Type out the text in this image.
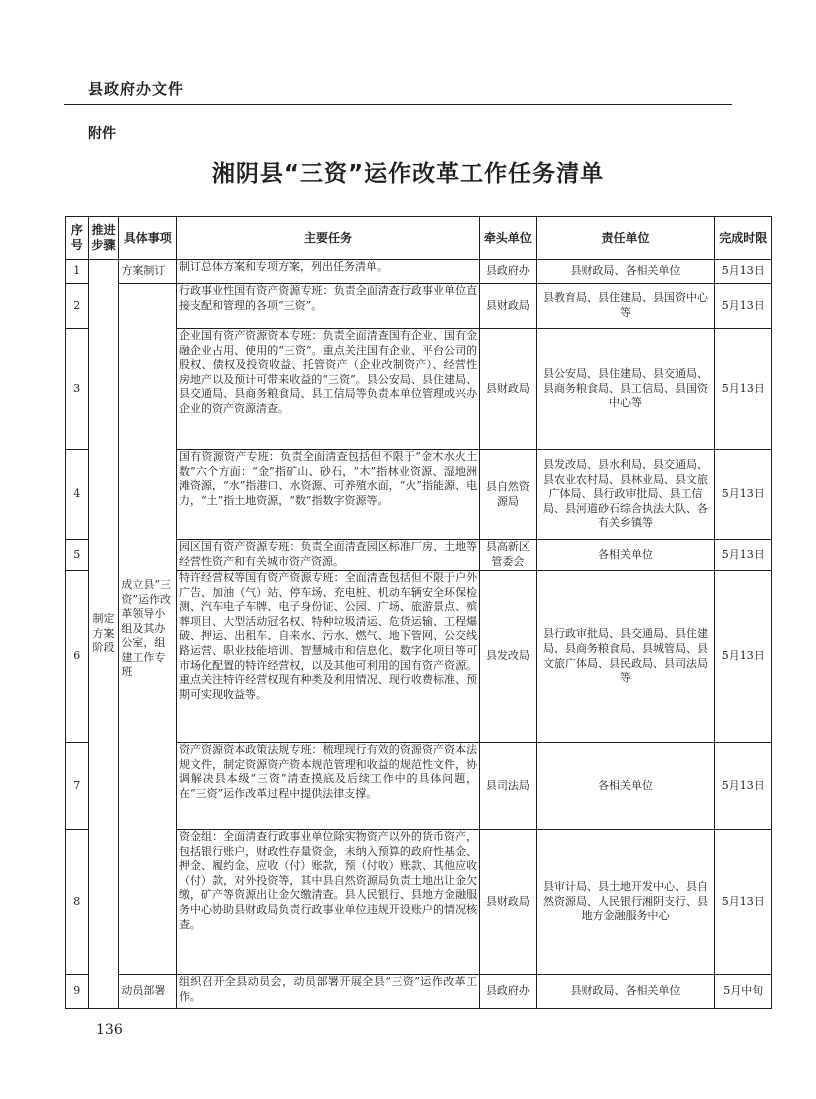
县政府办文件
附件
湘阴县“三资”运作改革工作任务清单
序号	推进步骤	具体事项	主要任务	牵头单位	责任单位	完成时限
1	制定方案阶段	方案制订	制订总体方案和专项方案，列出任务清单。	县政府办	县财政局、各相关单位	5月13日
2		成立县“三资”运作改革领导小组及其办公室，组建工作专班	行政事业性国有资产资源专班：负责全面清查行政事业单位直接支配和管理的各项“三资”。	县财政局	县教育局、县住建局、县国资中心等	5月13日
3			企业国有资产资源资本专班：负责全面清查国有企业、国有金融企业占用、使用的“三资”。重点关注国有企业、平台公司的股权、债权及投资收益、托管资产（企业改制资产）、经营性房地产以及预计可带来收益的“三资”。县公安局、县住建局、县交通局、县商务粮食局、县工信局等负责本单位管理或兴办企业的资产资源清查。	县财政局	县公安局、县住建局、县交通局、县商务粮食局、县工信局、县国资中心等	5月13日
4			国有资源资产专班：负责全面清查包括但不限于“金木水火土数”六个方面：“金”指矿山、砂石，“木”指林业资源、湿地洲滩资源，“水”指港口、水资源、可养殖水面，“火”指能源、电力，“土”指土地资源，“数”指数字资源等。	县自然资源局	县发改局、县水利局、县交通局、县农业农村局、县林业局、县文旅广体局、县行政审批局、县工信局、县河道砂石综合执法大队、各有关乡镇等	5月13日
5			园区国有资产资源专班：负责全面清查园区标准厂房、土地等经营性资产和有关城市资产资源。	县高新区管委会	各相关单位	5月13日
6			特许经营权等国有资产资源专班：全面清查包括但不限于户外广告、加油（气）站、停车场、充电桩、机动车辆安全环保检测、汽车电子车牌、电子身份证、公园、广场、旅游景点、殡葬项目、大型活动冠名权、特种垃圾清运、危货运输、工程爆破、押运、出租车、自来水、污水、燃气、地下管网、公交线路运营、职业技能培训、智慧城市和信息化、数字化项目等可市场化配置的特许经营权，以及其他可利用的国有资产资源。重点关注特许经营权现有种类及利用情况、现行收费标准、预期可实现收益等。	县发改局	县行政审批局、县交通局、县住建局、县商务粮食局、县城管局、县文旅广体局、县民政局、县司法局等	5月13日
7			资产资源资本政策法规专班：梳理现行有效的资源资产资本法规文件，制定资源资产资本规范管理和收益的规范性文件，协调解决县本级“三资”清查摸底及后续工作中的具体问题，在“三资”运作改革过程中提供法律支撑。	县司法局	各相关单位	5月13日
8			资金组：全面清查行政事业单位除实物资产以外的货币资产，包括银行账户，财政性存量资金，未纳入预算的政府性基金、押金、履约金、应收（付）账款，预（付收）账款、其他应收（付）款，对外投资等，其中县自然资源局负责土地出让金欠缴，矿产等资源出让金欠缴清查。县人民银行、县地方金融服务中心协助县财政局负责行政事业单位违规开设账户的情况核查。	县财政局	县审计局、县土地开发中心、县自然资源局、人民银行湘阴支行、县地方金融服务中心	5月13日
9		动员部署	组织召开全县动员会，动员部署开展全县“三资”运作改革工作。	县政府办	县财政局、各相关单位	5月中旬
136
